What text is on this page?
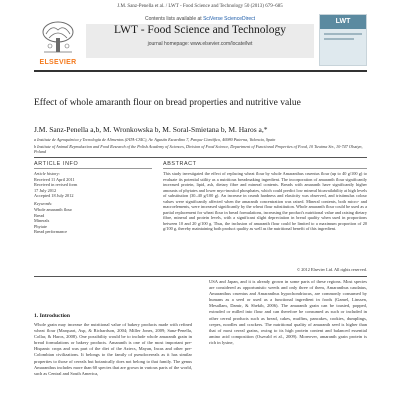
J.M. Sanz-Penella et al. / LWT - Food Science and Technology 50 (2013) 679–685
ELSEVIER
Contents lists available at SciVerse ScienceDirect
LWT - Food Science and Technology
journal homepage: www.elsevier.com/locate/lwt
LWT
Effect of whole amaranth flour on bread properties and nutritive value
J.M. Sanz-Penella a,b, M. Wronkowska b, M. Soral-Smietana b, M. Haros a,*
a Institute de Agroquímica y Tecnología de Alimentos (IATA-CSIC), Av. Agustín Escardino 7, Parque Científico, 46980 Paterna, Valencia, Spain
b Institute of Animal Reproduction and Food Research of the Polish Academy of Sciences, Division of Food Science, Department of Functional Properties of Food, 10 Tuwima Str., 10-747 Olsztyn, Poland
ARTICLE INFO	ABSTRACT
Article history:
Received 11 April 2011
Received in revised form
17 July 2012
Accepted 18 July 2012
Keywords:
Whole amaranth flour
Bread
Minerals
Phytate
Bread performance
This study investigated the effect of replacing wheat flour by whole Amaranthus cruentus flour (up to 40 g/100 g) to evaluate its potential utility as a nutritious breadmaking ingredient. The incorporation of amaranth flour significantly increased protein, lipid, ash, dietary fibre and mineral contents. Breads with amaranth have significantly higher amounts of phytates and lower myo-inositol phosphates, which could predict low mineral bioavailability at high levels of substitution (30–40 g/100 g). An increase in crumb hardness and elasticity was observed, and tristimulus colour values were significantly affected when the amaranth concentration was raised. Mineral contents, both micro- and macroelements, were increased significantly by the wheat flour substitution. Whole amaranth flour could be used as a partial replacement for wheat flour in bread formulations, increasing the product's nutritional value and raising dietary fibre, mineral and protein levels, with a significant slight depreciation in bread quality when used in proportions between 10 and 20 g/100 g. Thus, the inclusion of amaranth flour could be limited to a maximum proportion of 20 g/100 g, thereby maintaining both product quality as well as the nutritional benefit of this ingredient.
© 2012 Elsevier Ltd. All rights reserved.
1. Introduction
Whole grain may increase the nutritional value of bakery products made with refined wheat flour (Marquart, Asp, & Richardson, 2004; Miller Jones, 2009; Sanz-Penella, Collar, & Haros, 2008). One possibility would be to include whole amaranth grain in bread formulations or bakery products. Amaranth is one of the most important pre-Hispanic crops and was part of the diet of the Aztecs, Mayan, Incas and other pre-Colombian civilizations. It belongs to the family of pseudocereals as it has similar properties to those of cereals but botanically does not belong to that family. The genus Amaranthus includes more than 60 species that are grown in various parts of the world, such as Central and South America,
USA and Japan, and it is already grown in some parts of these regions. Most species are considered as opportunistic weeds and only three of them, Amaranthus caudatus, Amaranthus cruentus and Amaranthus hypochondriacus, are commonly consumed by humans as a seed or used as a functional ingredient in foods (Gamel, Linssen, Mesallam, Damir, & Shekib, 2006). The amaranth grain can be toasted, popped, extruded or milled into flour and can therefore be consumed as such or included in other cereal products such as bread, cakes, muffins, pancakes, cookies, dumplings, crepes, noodles and crackers. The nutritional quality of amaranth seed is higher than that of most cereal grains, owing to its high protein content and balanced essential amino acid composition (Oszvald et al., 2009). Moreover, amaranth grain protein is rich in lysine,
